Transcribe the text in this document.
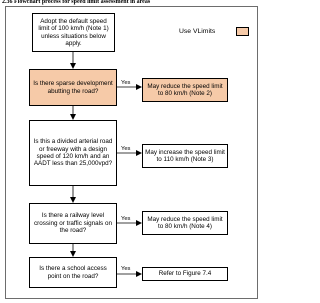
2.36 Flowchart process for speed limit assessment in areas
Use VLimits
Adopt the default speed limit of 100 km/h (Note 1) unless situations below apply.
Is there sparse development abutting the road?
Yes	May reduce the speed limit to 80 km/h (Note 2)
Is this a divided arterial road or freeway with a design speed of 120 km/h and an AADT less than 25,000vpd?
Yes	May increase the speed limit to 110 km/h (Note 3)
Is there a railway level crossing or traffic signals on the road?
Yes	May reduce the speed limit to 80 km/h (Note 4)
Is there a school access point on the road?
Yes
Refer to Figure 7.4
